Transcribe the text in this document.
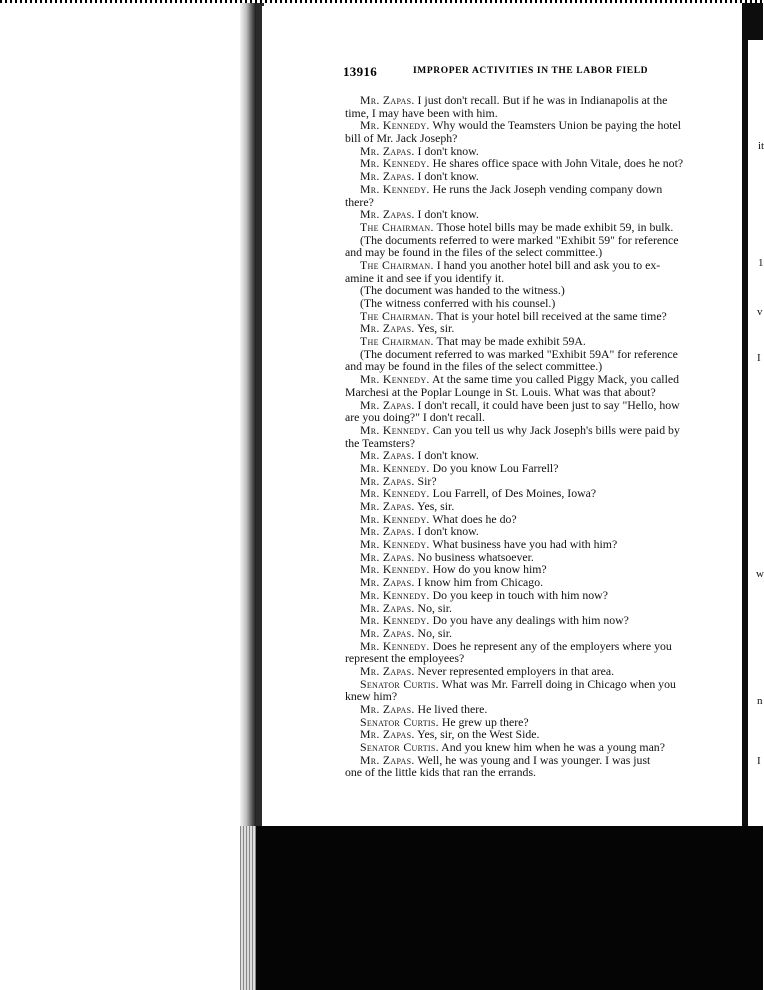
it
1
v
I
w
n
I
13916	IMPROPER ACTIVITIES IN THE LABOR FIELD
Mr. Zapas. I just don't recall. But if he was in Indianapolis at the
time, I may have been with him.
Mr. Kennedy. Why would the Teamsters Union be paying the hotel
bill of Mr. Jack Joseph?
Mr. Zapas. I don't know.
Mr. Kennedy. He shares office space with John Vitale, does he not?
Mr. Zapas. I don't know.
Mr. Kennedy. He runs the Jack Joseph vending company down
there?
Mr. Zapas. I don't know.
The Chairman. Those hotel bills may be made exhibit 59, in bulk.
(The documents referred to were marked "Exhibit 59" for reference
and may be found in the files of the select committee.)
The Chairman. I hand you another hotel bill and ask you to ex-
amine it and see if you identify it.
(The document was handed to the witness.)
(The witness conferred with his counsel.)
The Chairman. That is your hotel bill received at the same time?
Mr. Zapas. Yes, sir.
The Chairman. That may be made exhibit 59A.
(The document referred to was marked "Exhibit 59A" for reference
and may be found in the files of the select committee.)
Mr. Kennedy. At the same time you called Piggy Mack, you called
Marchesi at the Poplar Lounge in St. Louis. What was that about?
Mr. Zapas. I don't recall, it could have been just to say "Hello, how
are you doing?" I don't recall.
Mr. Kennedy. Can you tell us why Jack Joseph's bills were paid by
the Teamsters?
Mr. Zapas. I don't know.
Mr. Kennedy. Do you know Lou Farrell?
Mr. Zapas. Sir?
Mr. Kennedy. Lou Farrell, of Des Moines, Iowa?
Mr. Zapas. Yes, sir.
Mr. Kennedy. What does he do?
Mr. Zapas. I don't know.
Mr. Kennedy. What business have you had with him?
Mr. Zapas. No business whatsoever.
Mr. Kennedy. How do you know him?
Mr. Zapas. I know him from Chicago.
Mr. Kennedy. Do you keep in touch with him now?
Mr. Zapas. No, sir.
Mr. Kennedy. Do you have any dealings with him now?
Mr. Zapas. No, sir.
Mr. Kennedy. Does he represent any of the employers where you
represent the employees?
Mr. Zapas. Never represented employers in that area.
Senator Curtis. What was Mr. Farrell doing in Chicago when you
knew him?
Mr. Zapas. He lived there.
Senator Curtis. He grew up there?
Mr. Zapas. Yes, sir, on the West Side.
Senator Curtis. And you knew him when he was a young man?
Mr. Zapas. Well, he was young and I was younger. I was just
one of the little kids that ran the errands.
